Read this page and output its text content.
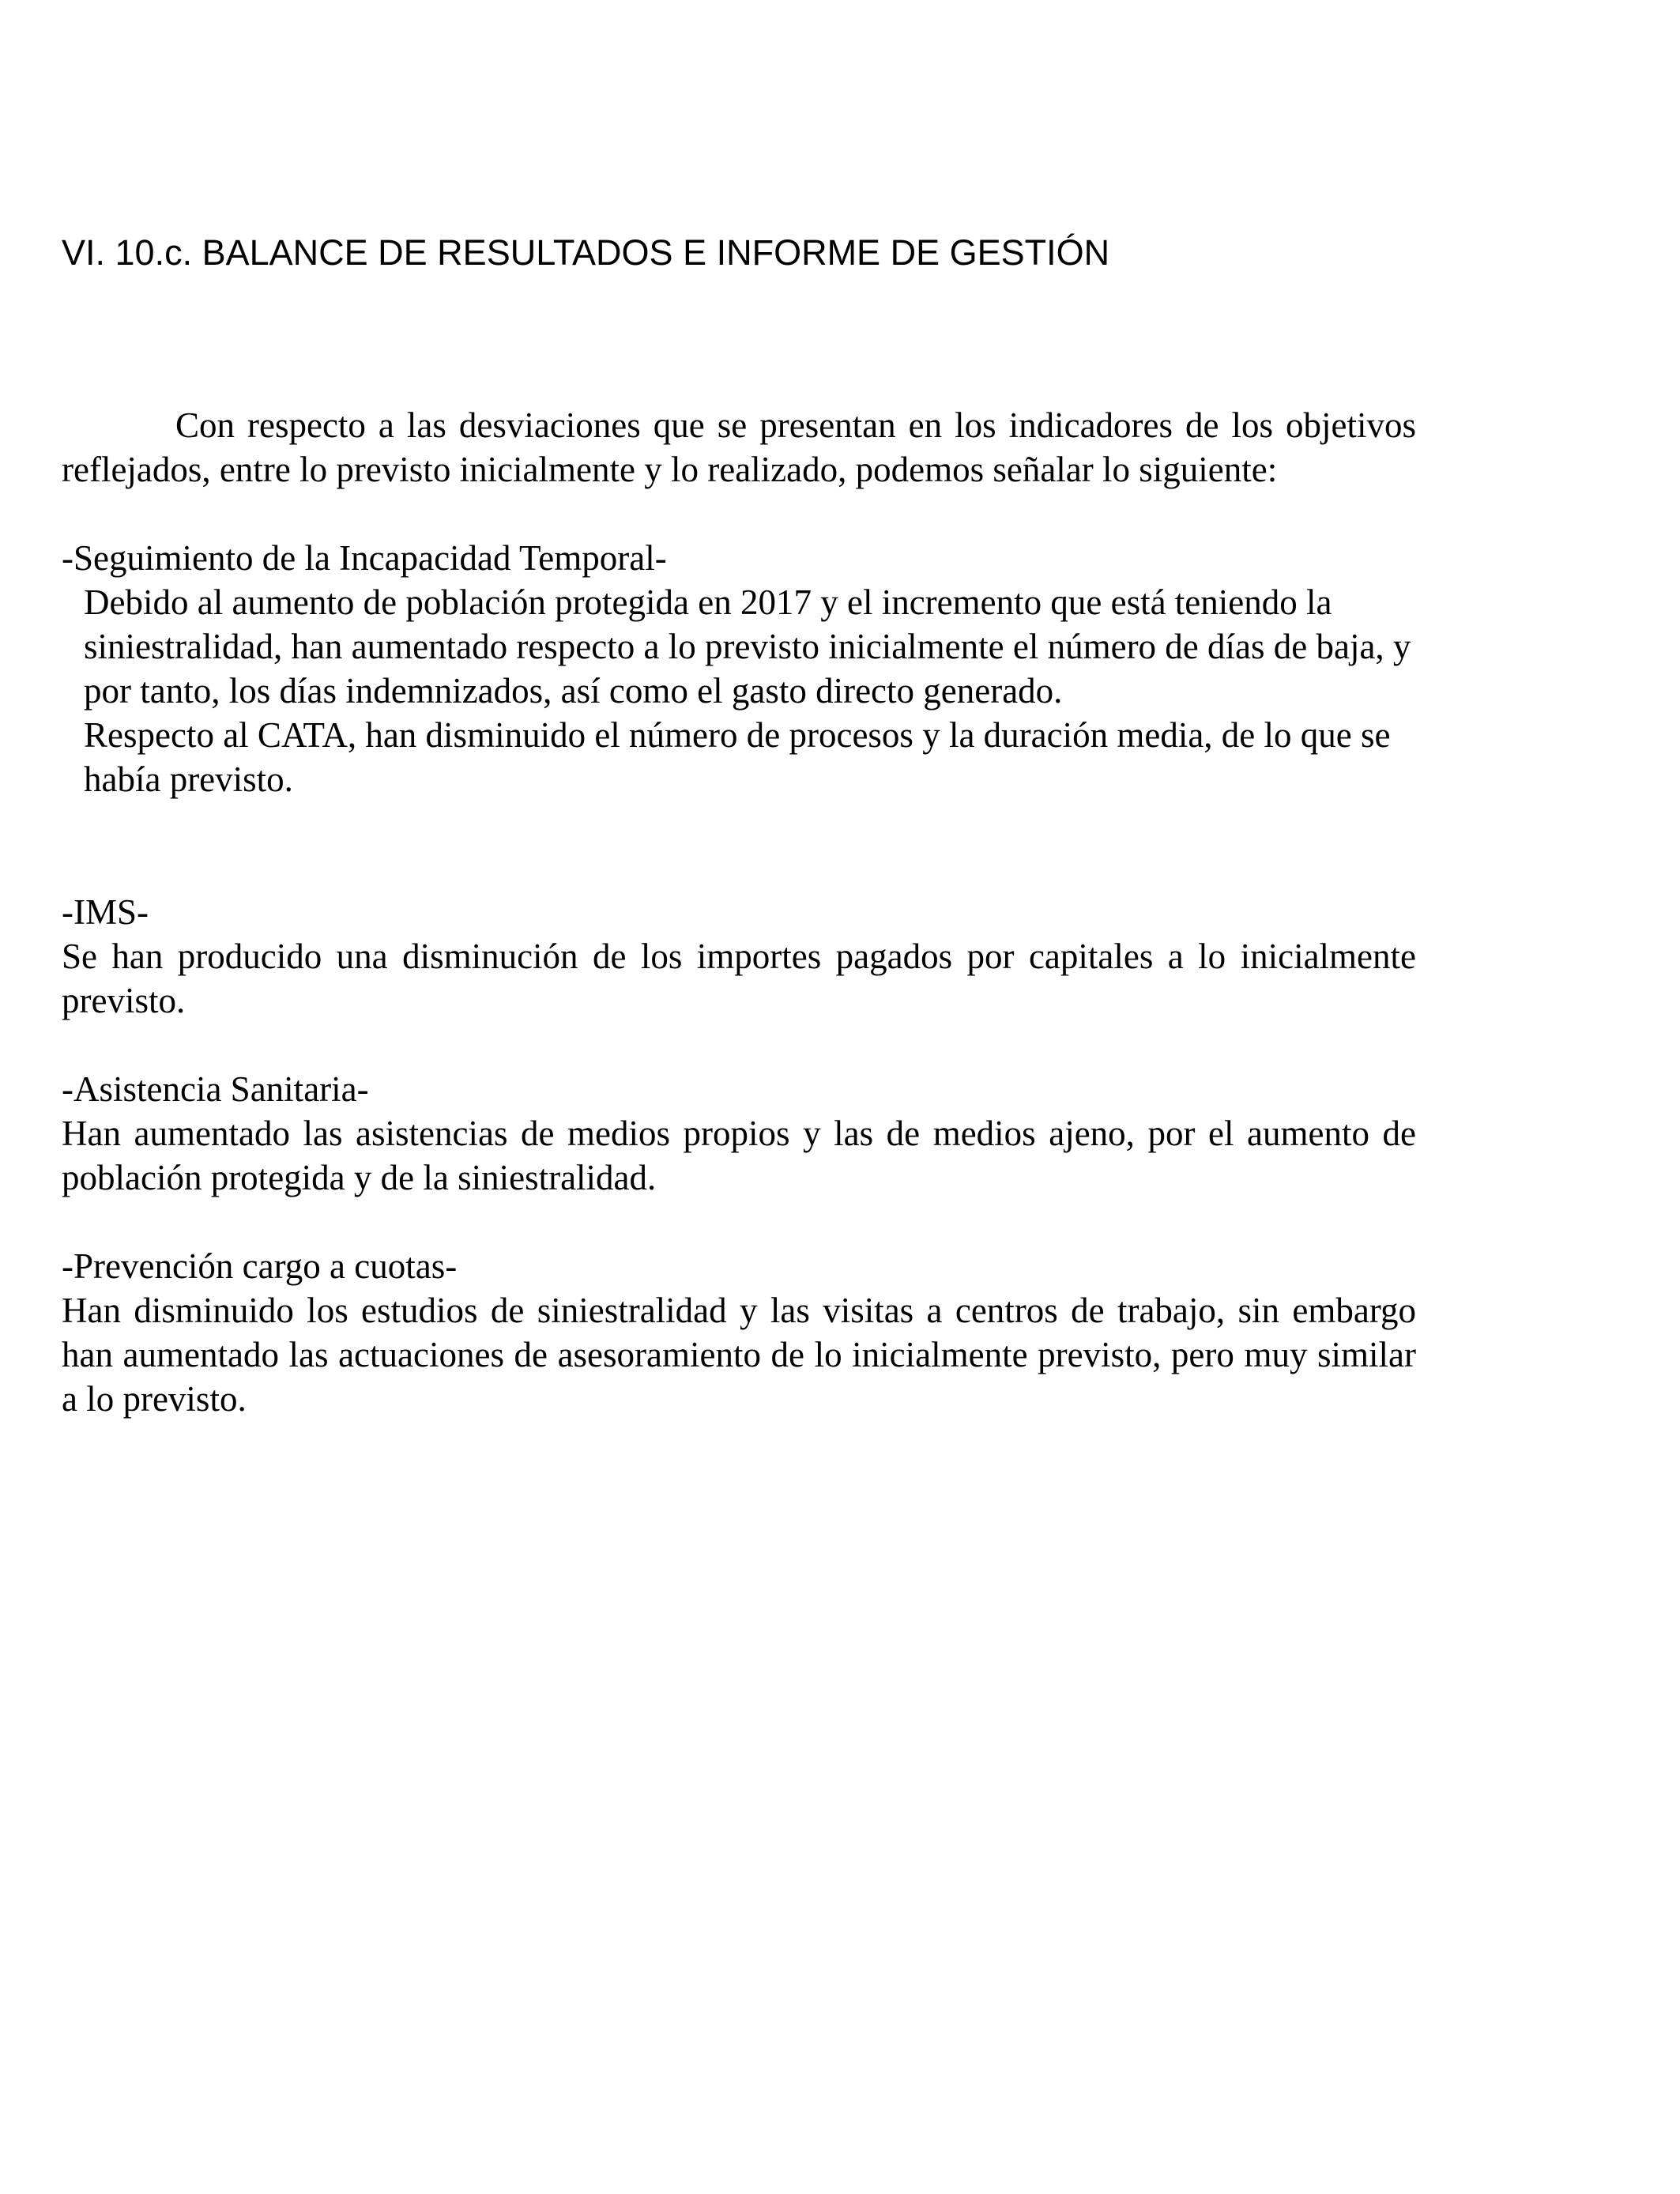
VI. 10.c. BALANCE DE RESULTADOS E INFORME DE GESTIÓN

Con respecto a las desviaciones que se presentan en los indicadores de los objetivos reflejados, entre lo previsto inicialmente y lo realizado, podemos señalar lo siguiente:

-Seguimiento de la Incapacidad Temporal-

Debido al aumento de población protegida en 2017 y el incremento que está teniendo la siniestralidad, han aumentado respecto a lo previsto inicialmente el número de días de baja, y por tanto, los días indemnizados, así como el gasto directo generado.

Respecto al CATA, han disminuido el número de procesos y la duración media, de lo que se había previsto.

-IMS-

Se han producido una disminución de los importes pagados por capitales a lo inicialmente previsto.

-Asistencia Sanitaria-

Han aumentado las asistencias de medios propios y las de medios ajeno, por el aumento de población protegida y de la siniestralidad.

-Prevención cargo a cuotas-

Han disminuido los estudios de siniestralidad y las visitas a centros de trabajo, sin embargo han aumentado las actuaciones de asesoramiento de lo inicialmente previsto, pero muy similar a lo previsto.
